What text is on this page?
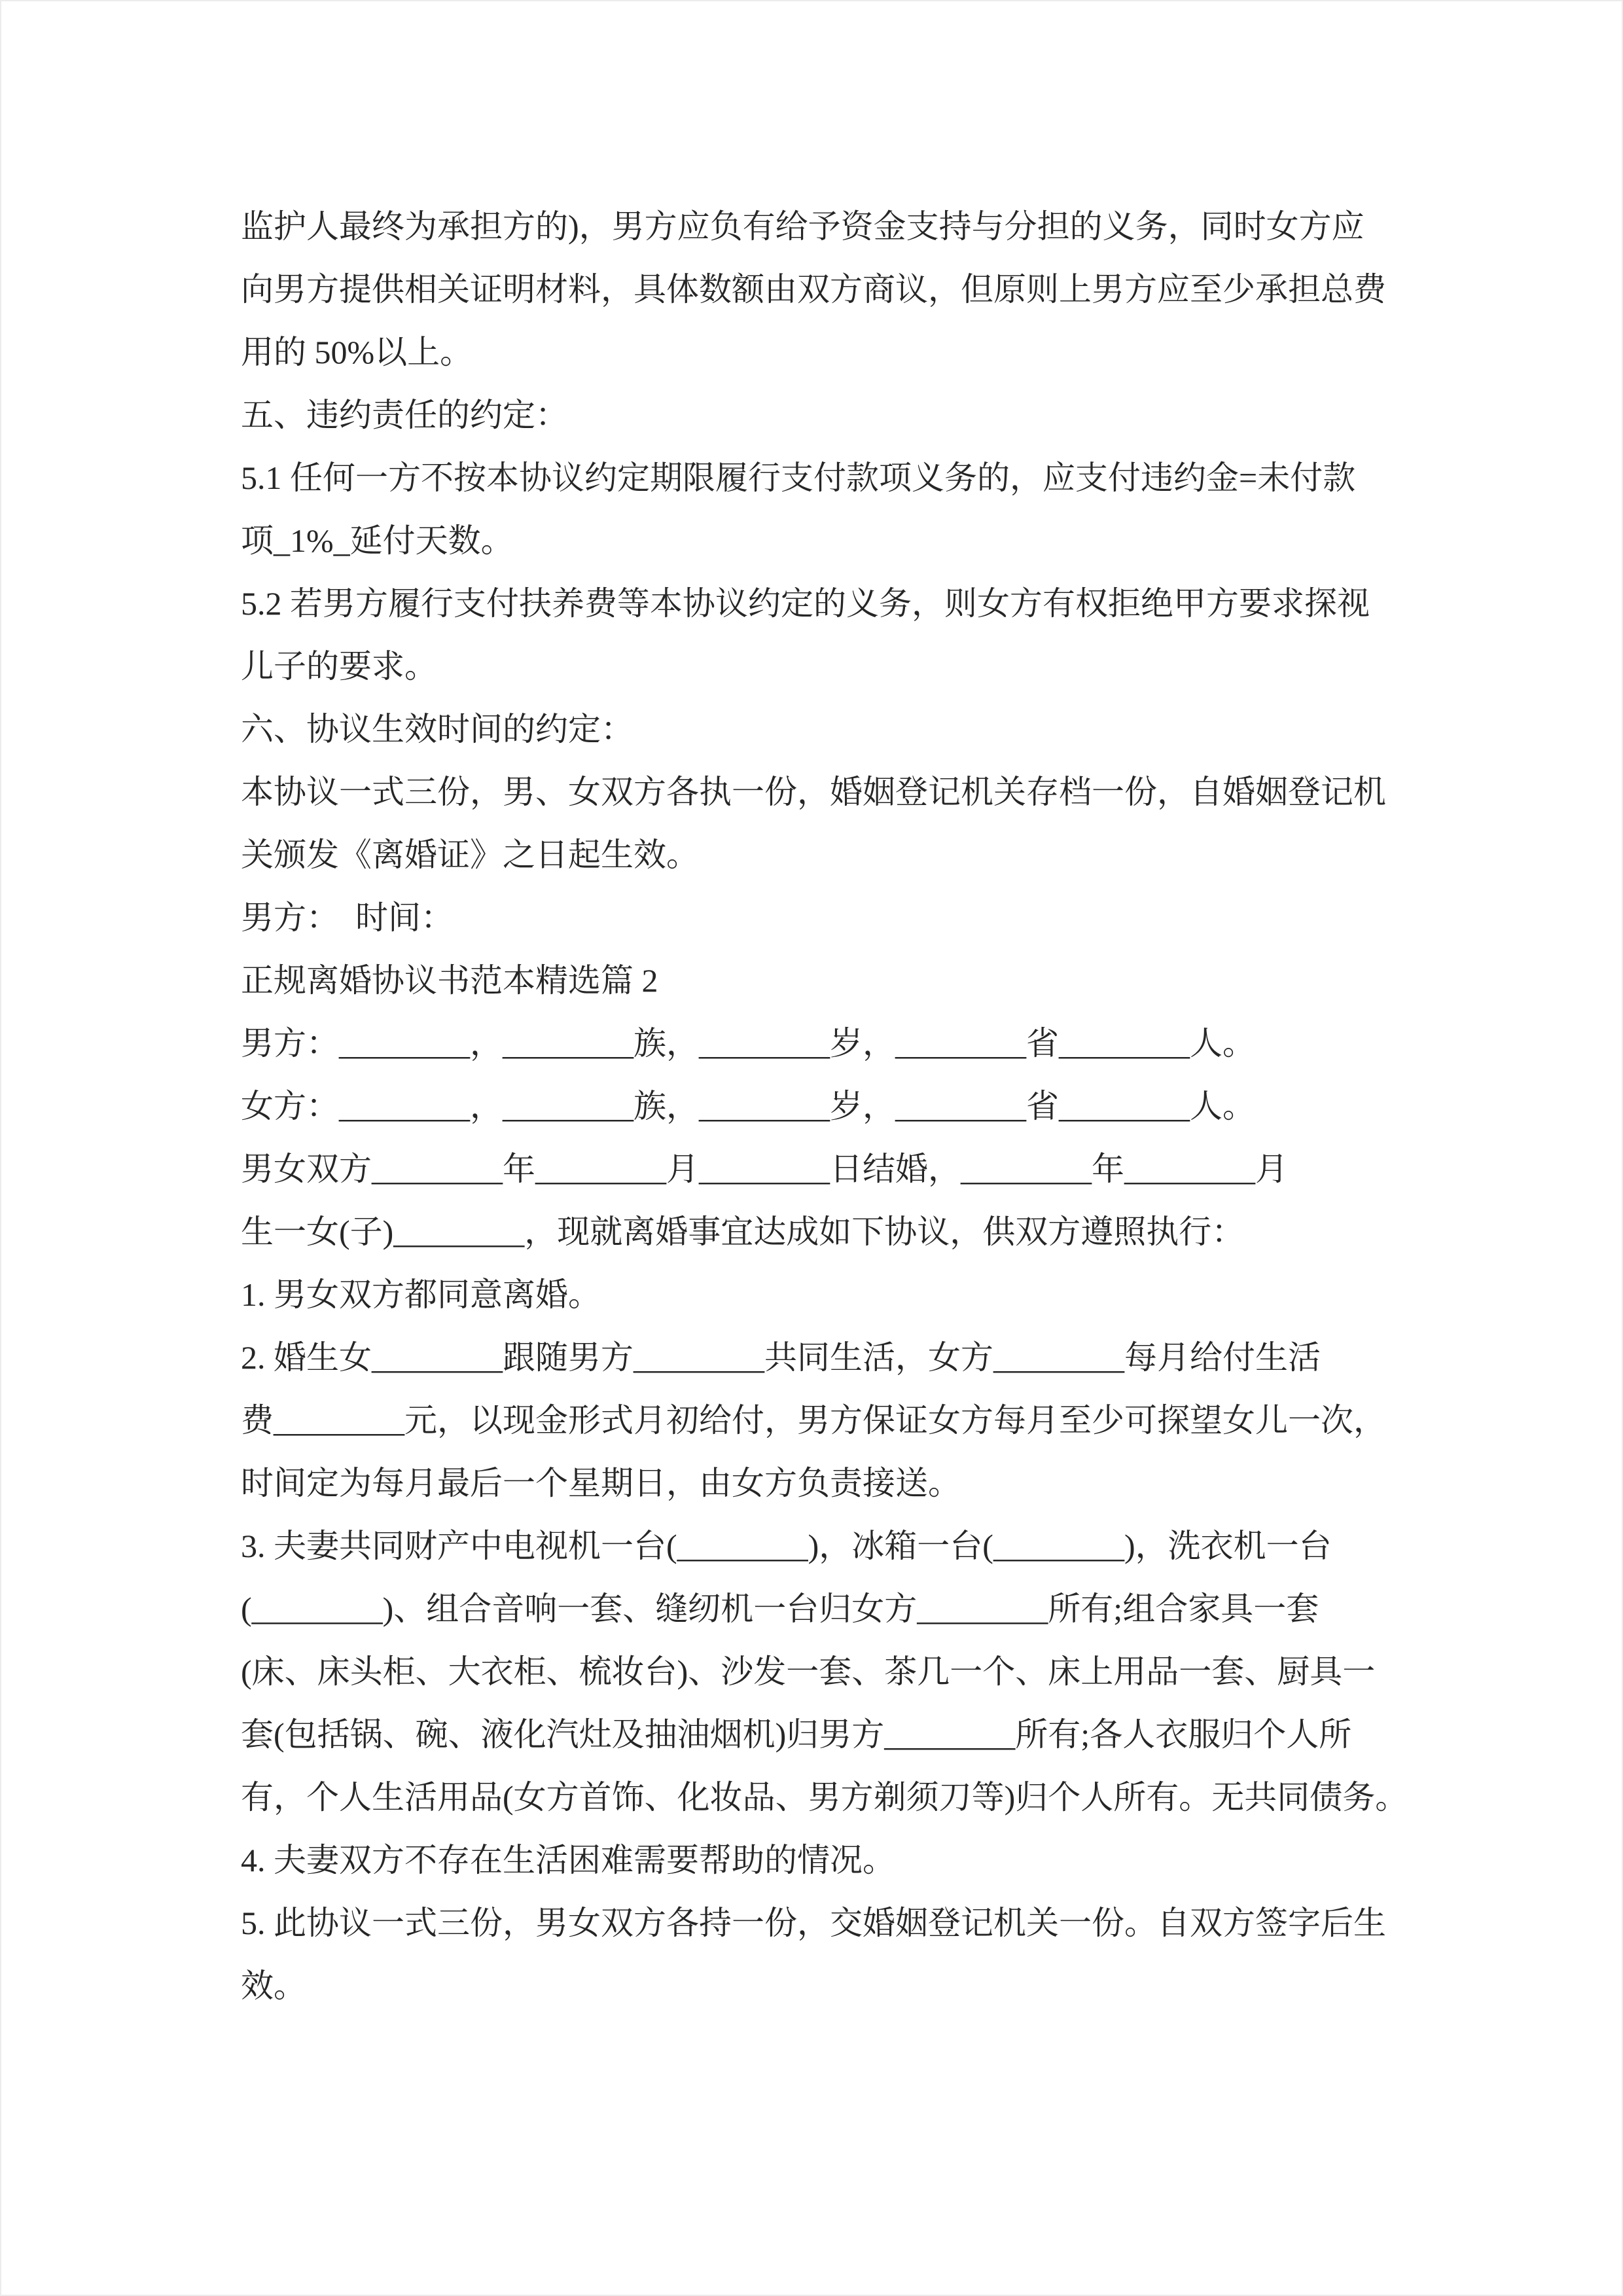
监护人最终为承担方的)，男方应负有给予资金支持与分担的义务，同时女方应
向男方提供相关证明材料，具体数额由双方商议，但原则上男方应至少承担总费
用的 50%以上。
五、违约责任的约定：
5.1 任何一方不按本协议约定期限履行支付款项义务的，应支付违约金=未付款
项_1%_延付天数。
5.2 若男方履行支付扶养费等本协议约定的义务，则女方有权拒绝甲方要求探视
儿子的要求。
六、协议生效时间的约定：
本协议一式三份，男、女双方各执一份，婚姻登记机关存档一份，自婚姻登记机
关颁发《离婚证》之日起生效。
男方：　时间：
正规离婚协议书范本精选篇 2
男方：________，________族，________岁，________省________人。
女方：________，________族，________岁，________省________人。
男女双方________年________月________日结婚，________年________月
生一女(子)________，现就离婚事宜达成如下协议，供双方遵照执行：
1. 男女双方都同意离婚。
2. 婚生女________跟随男方________共同生活，女方________每月给付生活
费________元，以现金形式月初给付，男方保证女方每月至少可探望女儿一次，
时间定为每月最后一个星期日，由女方负责接送。
3. 夫妻共同财产中电视机一台(________)，冰箱一台(________)，洗衣机一台
(________)、组合音响一套、缝纫机一台归女方________所有;组合家具一套
(床、床头柜、大衣柜、梳妆台)、沙发一套、茶几一个、床上用品一套、厨具一
套(包括锅、碗、液化汽灶及抽油烟机)归男方________所有;各人衣服归个人所
有，个人生活用品(女方首饰、化妆品、男方剃须刀等)归个人所有。无共同债务。
4. 夫妻双方不存在生活困难需要帮助的情况。
5. 此协议一式三份，男女双方各持一份，交婚姻登记机关一份。自双方签字后生
效。
